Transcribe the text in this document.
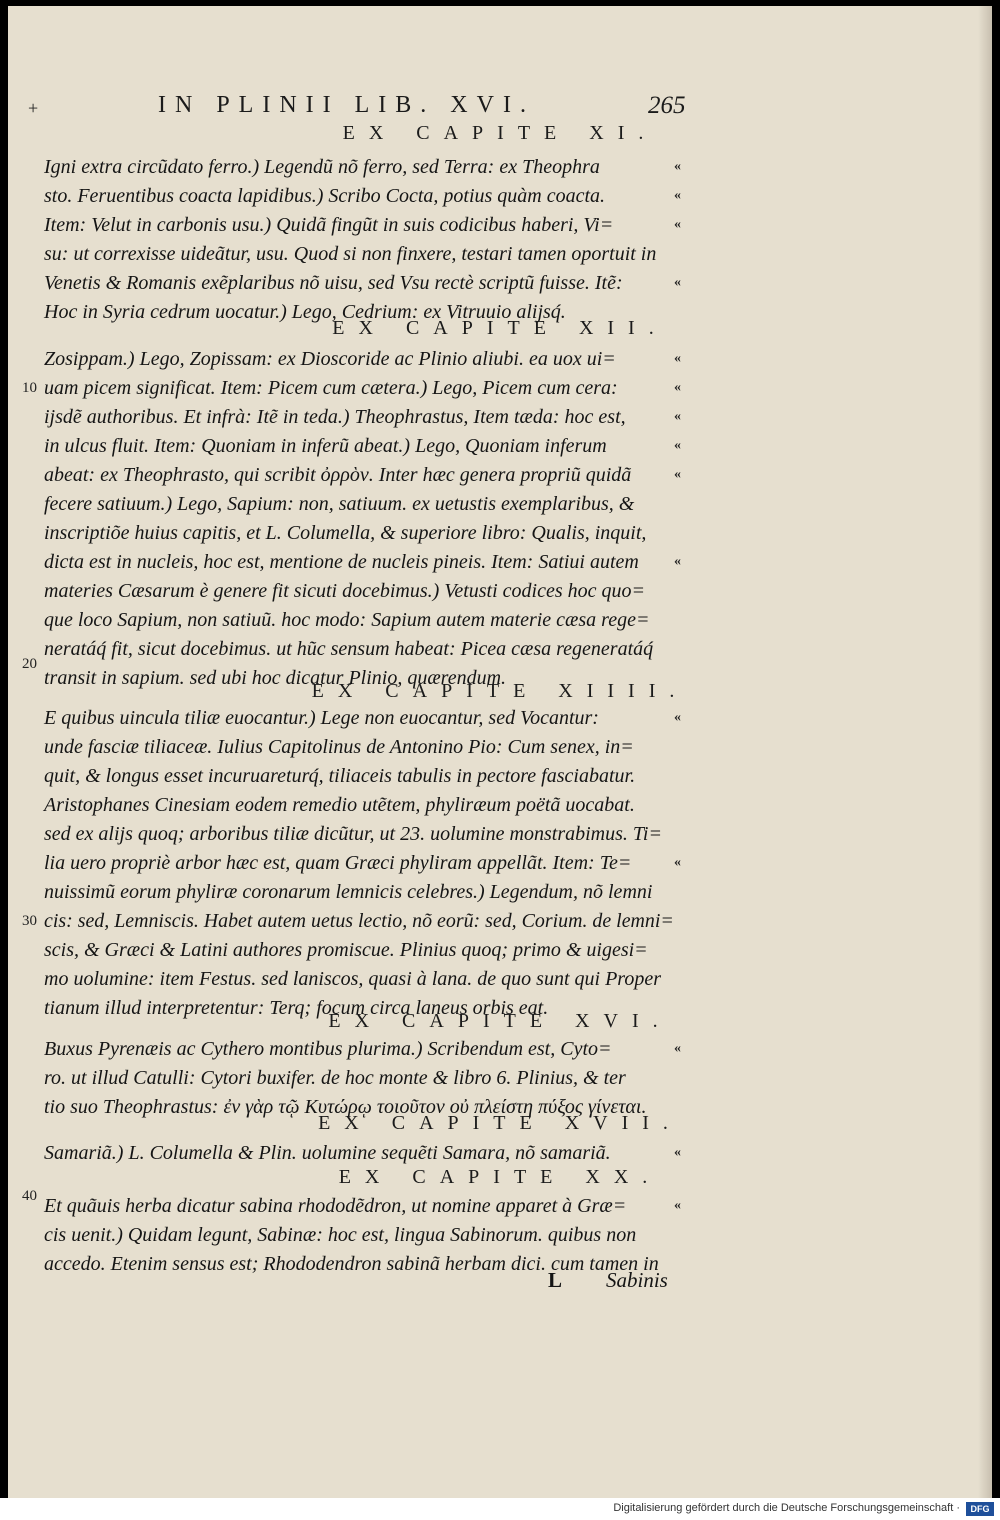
+	IN PLINII LIB. XVI.	265
EX CAPITE XI.
Igni extra circũdato ferro.) Legendũ nõ ferro, sed Terra: ex Theophra
sto. Feruentibus coacta lapidibus.) Scribo Cocta, potius quàm coacta.
Item: Velut in carbonis usu.) Quidã fingũt in suis codicibus haberi, Vi=
su: ut correxisse uideãtur, usu. Quod si non finxere, testari tamen oportuit in
Venetis & Romanis exẽplaribus nõ uisu, sed Vsu rectè scriptũ fuisse. Itẽ:
Hoc in Syria cedrum uocatur.) Lego, Cedrium: ex Vitruuio alijsq́.
EX CAPITE XII.
Zosippam.) Lego, Zopissam: ex Dioscoride ac Plinio aliubi. ea uox ui=
uam picem significat. Item: Picem cum cætera.) Lego, Picem cum cera:
ijsdẽ authoribus. Et infrà: Itẽ in teda.) Theophrastus, Item tæda: hoc est,
in ulcus fluit. Item: Quoniam in inferũ abeat.) Lego, Quoniam inferum
abeat: ex Theophrasto, qui scribit ὀρρὸν. Inter hæc genera propriũ quidã
fecere satiuum.) Lego, Sapium: non, satiuum. ex uetustis exemplaribus, &
inscriptiõe huius capitis, et L. Columella, & superiore libro: Qualis, inquit,
dicta est in nucleis, hoc est, mentione de nucleis pineis. Item: Satiui autem
materies Cæsarum è genere fit sicuti docebimus.) Vetusti codices hoc quo=
que loco Sapium, non satiuũ. hoc modo: Sapium autem materie cæsa rege=
neratáq́ fit, sicut docebimus. ut hũc sensum habeat: Picea cæsa regeneratáq́
transit in sapium. sed ubi hoc dicatur Plinio, quærendum.
EX CAPITE XIIII.
E quibus uincula tiliæ euocantur.) Lege non euocantur, sed Vocantur:
unde fasciæ tiliaceæ. Iulius Capitolinus de Antonino Pio: Cum senex, in=
quit, & longus esset incuruareturq́, tiliaceis tabulis in pectore fasciabatur.
Aristophanes Cinesiam eodem remedio utẽtem, phyliræum poëtã uocabat.
sed ex alijs quoq; arboribus tiliæ dicũtur, ut 23. uolumine monstrabimus. Ti=
lia uero propriè arbor hæc est, quam Græci phyliram appellãt. Item: Te=
nuissimũ eorum phyliræ coronarum lemnicis celebres.) Legendum, nõ lemni
cis: sed, Lemniscis. Habet autem uetus lectio, nõ eorũ: sed, Corium. de lemni=
scis, & Græci & Latini authores promiscue. Plinius quoq; primo & uigesi=
mo uolumine: item Festus. sed laniscos, quasi à lana. de quo sunt qui Proper
tianum illud interpretentur: Terq; focum circa laneus orbis eat.
EX CAPITE XVI.
Buxus Pyrenæis ac Cythero montibus plurima.) Scribendum est, Cyto=
ro. ut illud Catulli: Cytori buxifer. de hoc monte & libro 6. Plinius, & ter
tio suo Theophrastus: ἐν γὰρ τῷ Κυτώρῳ τοιοῦτον οὐ πλείστη πύξος γίνεται.
EX CAPITE XVII.
Samariã.) L. Columella & Plin. uolumine sequẽti Samara, nõ samariã.
EX CAPITE XX.
Et quãuis herba dicatur sabina rhododẽdron, ut nomine apparet à Græ=
cis uenit.) Quidam legunt, Sabinæ: hoc est, lingua Sabinorum. quibus non
accedo. Etenim sensus est; Rhododendron sabinã herbam dici. cum tamen in
10
20
30
40
«
«
«
«
«
«
«
«
«
«
«
«
«
«
«
L Sabinis
Digitalisierung gefördert durch die Deutsche Forschungsgemeinschaft ·	DFG
